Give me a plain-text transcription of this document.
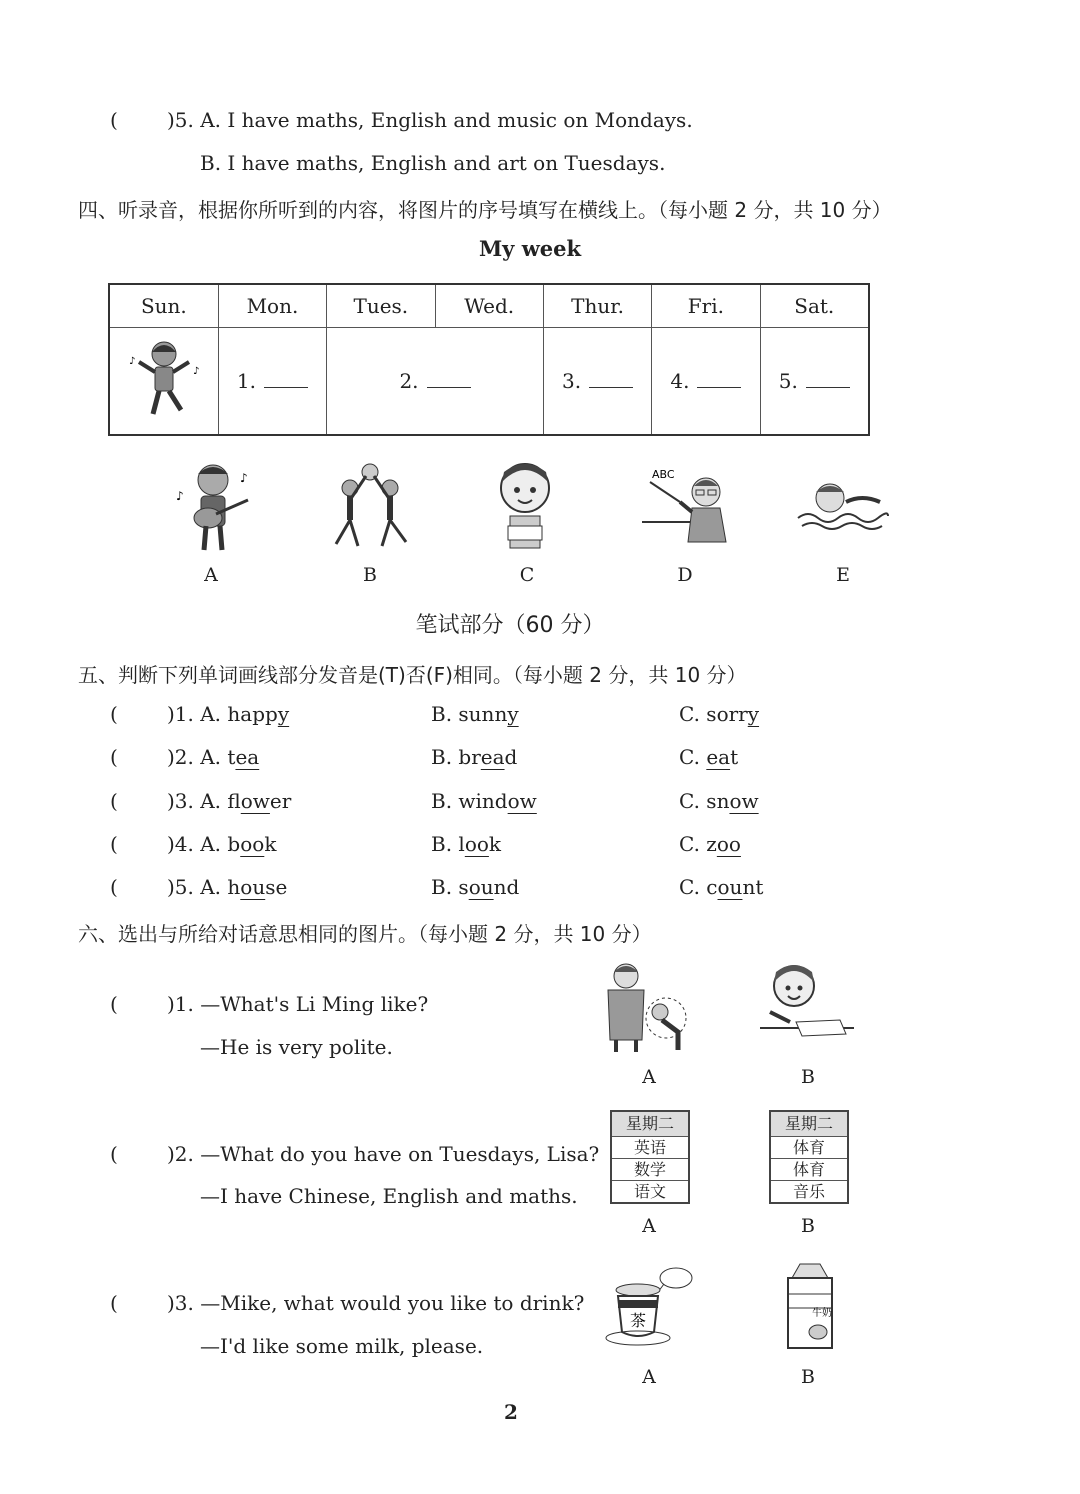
( )5. A. I have maths, English and music on Mondays.
B. I have maths, English and art on Tuesdays.
四、听录音，根据你所听到的内容，将图片的序号填写在横线上。（每小题 2 分，共 10 分）
My week
Sun.	Mon.	Tues.	Wed.	Thur.	Fri.	Sat.

♪
♪	1.	2.		3.	4.	5.
♪
♪
A	B	C
ABC
D	E
笔试部分（60 分）
五、判断下列单词画线部分发音是(T)否(F)相同。（每小题 2 分，共 10 分）
( )1. A. happy	B. sunny	C. sorry
( )2. A. tea	B. bread	C. eat
( )3. A. flower	B. window	C. snow
( )4. A. book	B. look	C. zoo
( )5. A. house	B. sound	C. count
六、选出与所给对话意思相同的图片。（每小题 2 分，共 10 分）
( )1. —What's Li Ming like?
—He is very polite.
A	B
( )2. —What do you have on Tuesdays, Lisa?
—I have Chinese, English and maths.
星期二
英语
数学
语文
A
星期二
体育
体育
音乐
B
( )3. —Mike, what would you like to drink?
—I'd like some milk, please.
茶
A
牛奶
B
2
